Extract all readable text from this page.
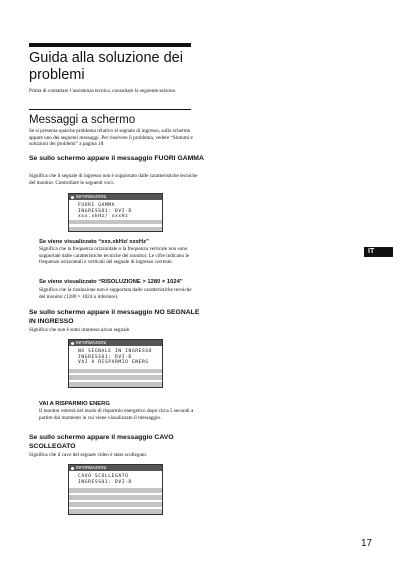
Guida alla soluzione dei problemi

Prima di contattare l’assistenza tecnica, consultare la seguente sezione.

Messaggi a schermo

Se si presenta qualche problema relativo al segnale di ingresso, sullo schermo appare uno dei seguenti messaggi. Per risolvere il problema, vedere “Sintomi e soluzioni dei problemi” a pagina 18.

Se sullo schermo appare il messaggio FUORI GAMMA

Significa che il segnale di ingresso non è supportato dalle caratteristiche tecniche del monitor. Controllare le seguenti voci.

INFORMAZIONI
FUORI GAMMA
INGRESSO1: DVI-D
xxx.xkHz/ xxxHz
Se viene visualizzato “xxx.xkHz/ xxxHz”

Significa che la frequenza orizzontale o la frequenza verticale non sono supportate dalle caratteristiche tecniche del monitor. Le cifre indicano le frequenze orizzontali e verticali del segnale di ingresso corrente.

Se viene visualizzato “RISOLUZIONE > 1280 × 1024”

Significa che la risoluzione non è supportata dalle caratteristiche tecniche del monitor (1280 × 1024 o inferiore).

Se sullo schermo appare il messaggio NO SEGNALE IN INGRESSO

Significa che non è stato immesso alcun segnale.

INFORMAZIONI
NO SEGNALE IN INGRESSO
INGRESSO1: DVI-D
VAI A RISPARMIO ENERG
VAI A RISPARMIO ENERG

Il monitor entrerà nel modo di risparmio energetico dopo circa 5 secondi a partire dal momento in cui viene visualizzato il messaggio.

Se sullo schermo appare il messaggio CAVO SCOLLEGATO

Significa che il cavo del segnale video è stato scollegato.

INFORMAZIONI
CAVO SCOLLEGATO
INGRESSO1: DVI-D
IT
17
